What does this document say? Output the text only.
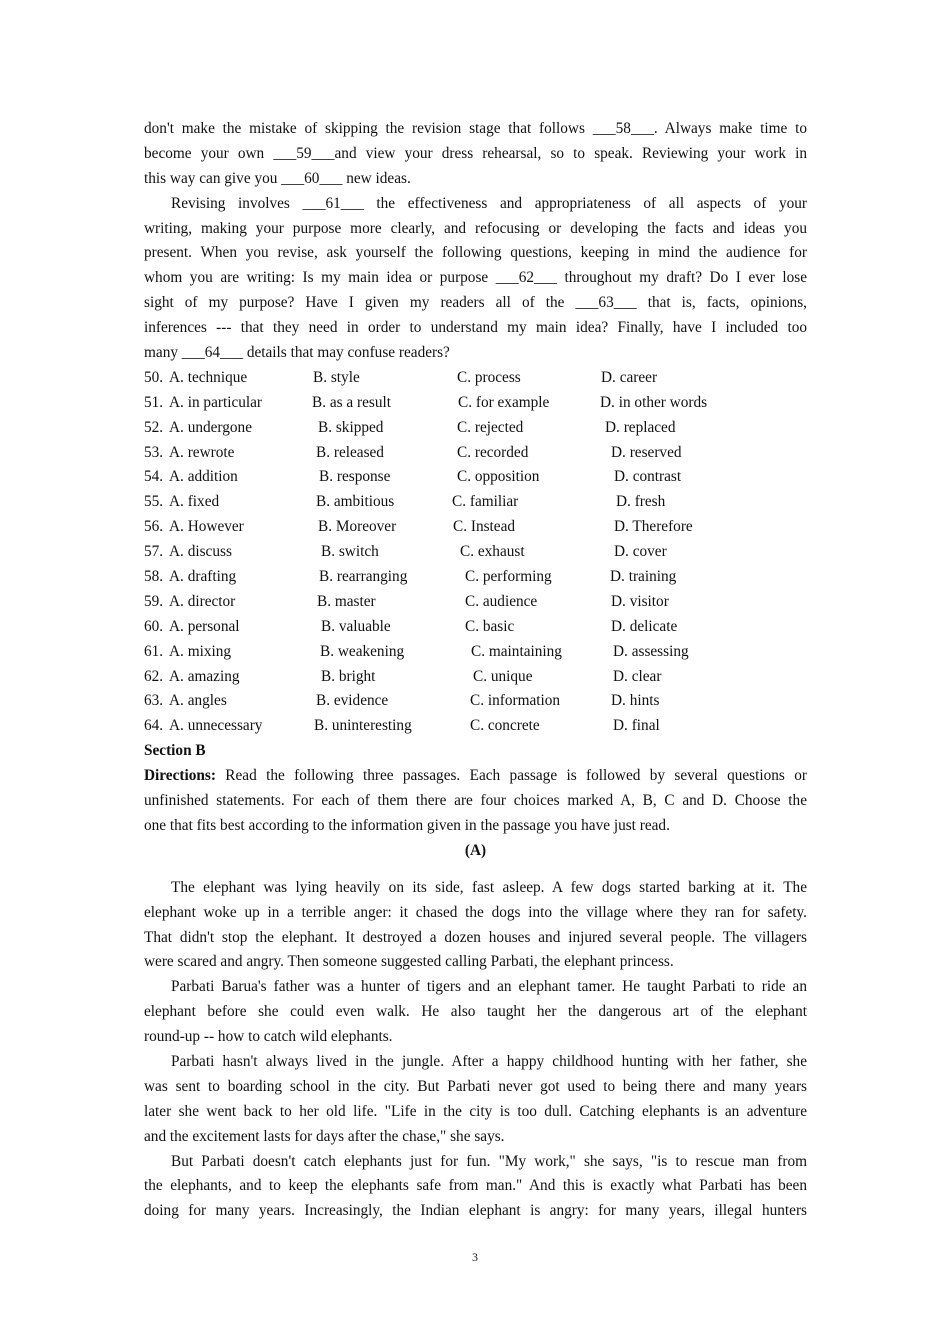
don't make the mistake of skipping the revision stage that follows ___58___. Always make time to
become your own ___59___and view your dress rehearsal, so to speak. Reviewing your work in
this way can give you ___60___ new ideas.
Revising involves ___61___ the effectiveness and appropriateness of all aspects of your
writing, making your purpose more clearly, and refocusing or developing the facts and ideas you
present. When you revise, ask yourself the following questions, keeping in mind the audience for
whom you are writing: Is my main idea or purpose ___62___ throughout my draft? Do I ever lose
sight of my purpose? Have I given my readers all of the ___63___ that is, facts, opinions,
inferences --- that they need in order to understand my main idea? Finally, have I included too
many ___64___ details that may confuse readers?
50. A. technique	B. style	C. process	D. career
51. A. in particular	B. as a result	C. for example	D. in other words
52. A. undergone	B. skipped	C. rejected	D. replaced
53. A. rewrote	B. released	C. recorded	D. reserved
54. A. addition	B. response	C. opposition	D. contrast
55. A. fixed	B. ambitious	C. familiar	D. fresh
56. A. However	B. Moreover	C. Instead	D. Therefore
57. A. discuss	B. switch	C. exhaust	D. cover
58. A. drafting	B. rearranging	C. performing	D. training
59. A. director	B. master	C. audience	D. visitor
60. A. personal	B. valuable	C. basic	D. delicate
61. A. mixing	B. weakening	C. maintaining	D. assessing
62. A. amazing	B. bright	C. unique	D. clear
63. A. angles	B. evidence	C. information	D. hints
64. A. unnecessary	B. uninteresting	C. concrete	D. final
Section B
Directions: Read the following three passages. Each passage is followed by several questions or
unfinished statements. For each of them there are four choices marked A, B, C and D. Choose the
one that fits best according to the information given in the passage you have just read.
(A)
The elephant was lying heavily on its side, fast asleep. A few dogs started barking at it. The
elephant woke up in a terrible anger: it chased the dogs into the village where they ran for safety.
That didn't stop the elephant. It destroyed a dozen houses and injured several people. The villagers
were scared and angry. Then someone suggested calling Parbati, the elephant princess.
Parbati Barua's father was a hunter of tigers and an elephant tamer. He taught Parbati to ride an
elephant before she could even walk. He also taught her the dangerous art of the elephant
round-up -- how to catch wild elephants.
Parbati hasn't always lived in the jungle. After a happy childhood hunting with her father, she
was sent to boarding school in the city. But Parbati never got used to being there and many years
later she went back to her old life. "Life in the city is too dull. Catching elephants is an adventure
and the excitement lasts for days after the chase," she says.
But Parbati doesn't catch elephants just for fun. "My work," she says, "is to rescue man from
the elephants, and to keep the elephants safe from man." And this is exactly what Parbati has been
doing for many years. Increasingly, the Indian elephant is angry: for many years, illegal hunters
3
